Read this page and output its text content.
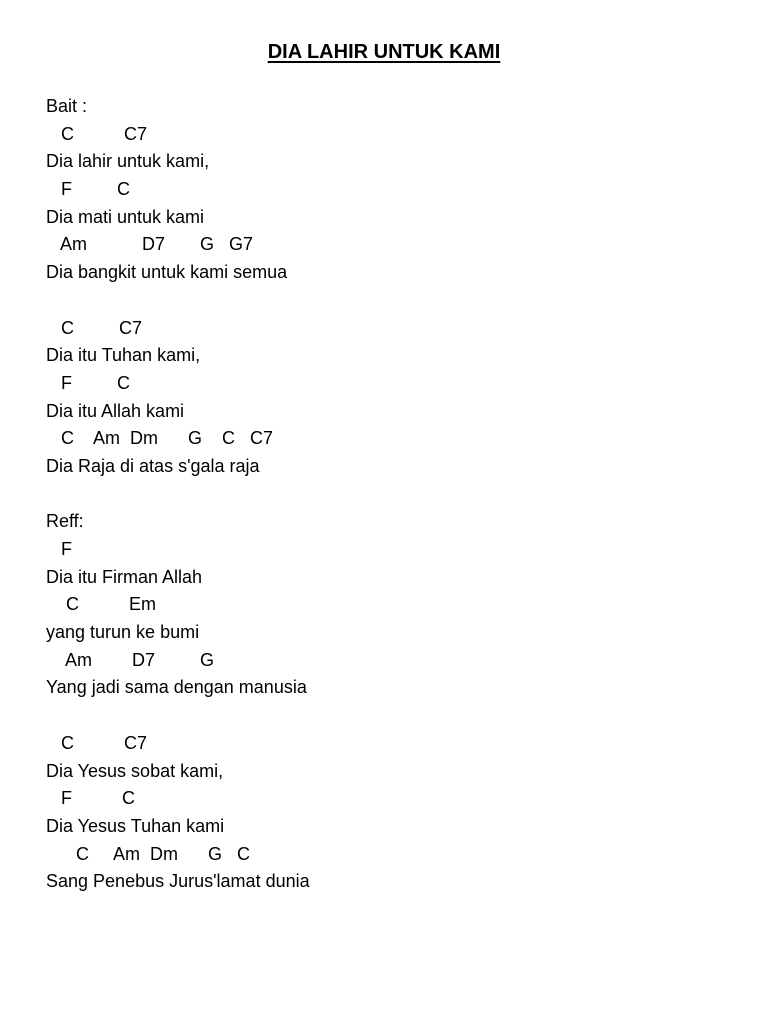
DIA LAHIR UNTUK KAMI
Bait :
C          C7
Dia lahir untuk kami,
F         C
Dia mati untuk kami
Am           D7       G   G7
Dia bangkit untuk kami semua
C         C7
Dia itu Tuhan kami,
F         C
Dia itu Allah kami
C    Am  Dm      G    C   C7
Dia Raja di atas s'gala raja
Reff:
F
Dia itu Firman Allah
C          Em
yang turun ke bumi
Am        D7         G
Yang jadi sama dengan manusia
C          C7
Dia Yesus sobat kami,
F          C
Dia Yesus Tuhan kami
C     Am  Dm      G   C
Sang Penebus Jurus'lamat dunia
